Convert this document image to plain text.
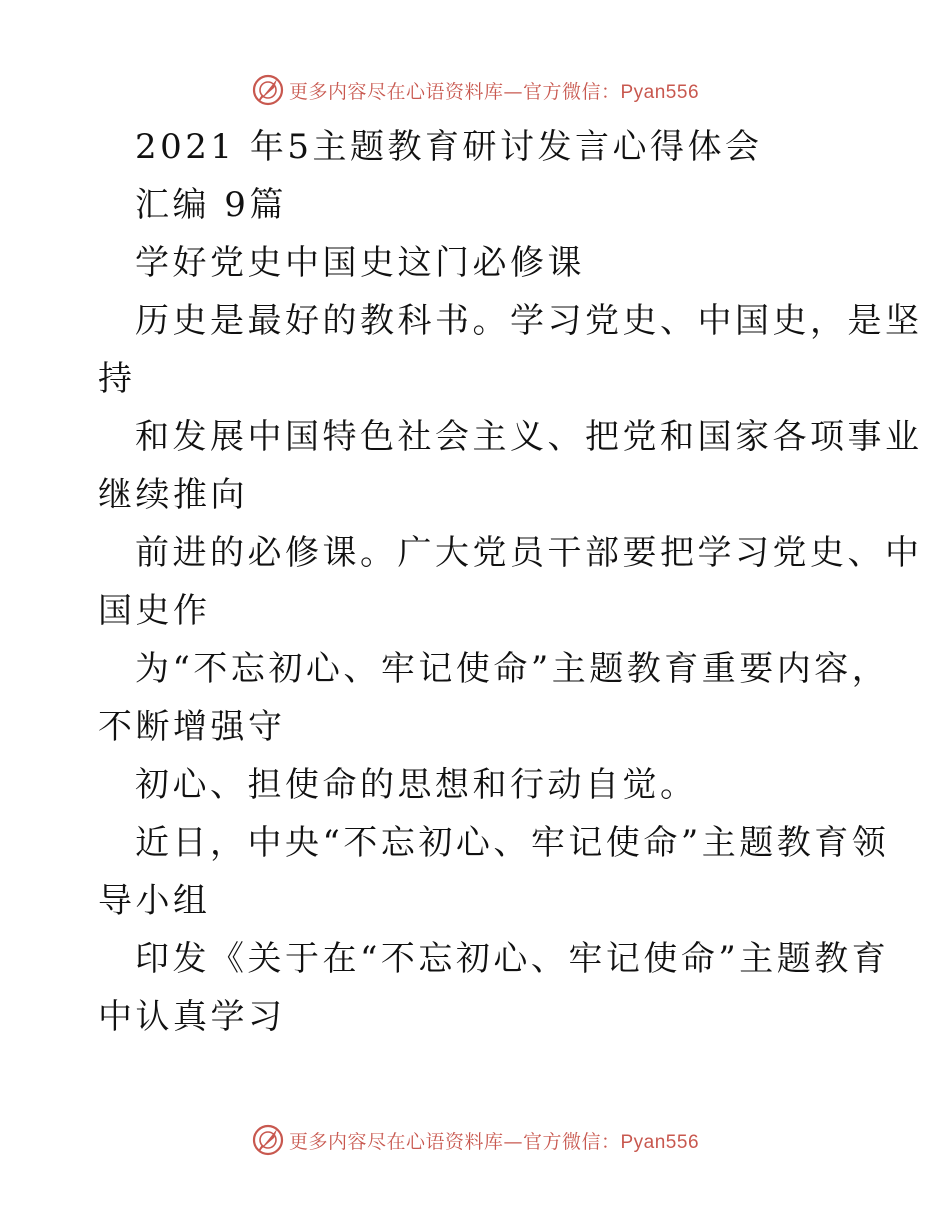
更多内容尽在心语资料库—官方微信：Pyan556
2021 年5主题教育研讨发言心得体会
汇编 9篇
学好党史中国史这门必修课
历史是最好的教科书。学习党史、中国史，是坚
持
和发展中国特色社会主义、把党和国家各项事业
继续推向
前进的必修课。广大党员干部要把学习党史、中
国史作
为“不忘初心、牢记使命”主题教育重要内容，
不断增强守
初心、担使命的思想和行动自觉。
近日，中央“不忘初心、牢记使命”主题教育领
导小组
印发《关于在“不忘初心、牢记使命”主题教育
中认真学习
更多内容尽在心语资料库—官方微信：Pyan556
